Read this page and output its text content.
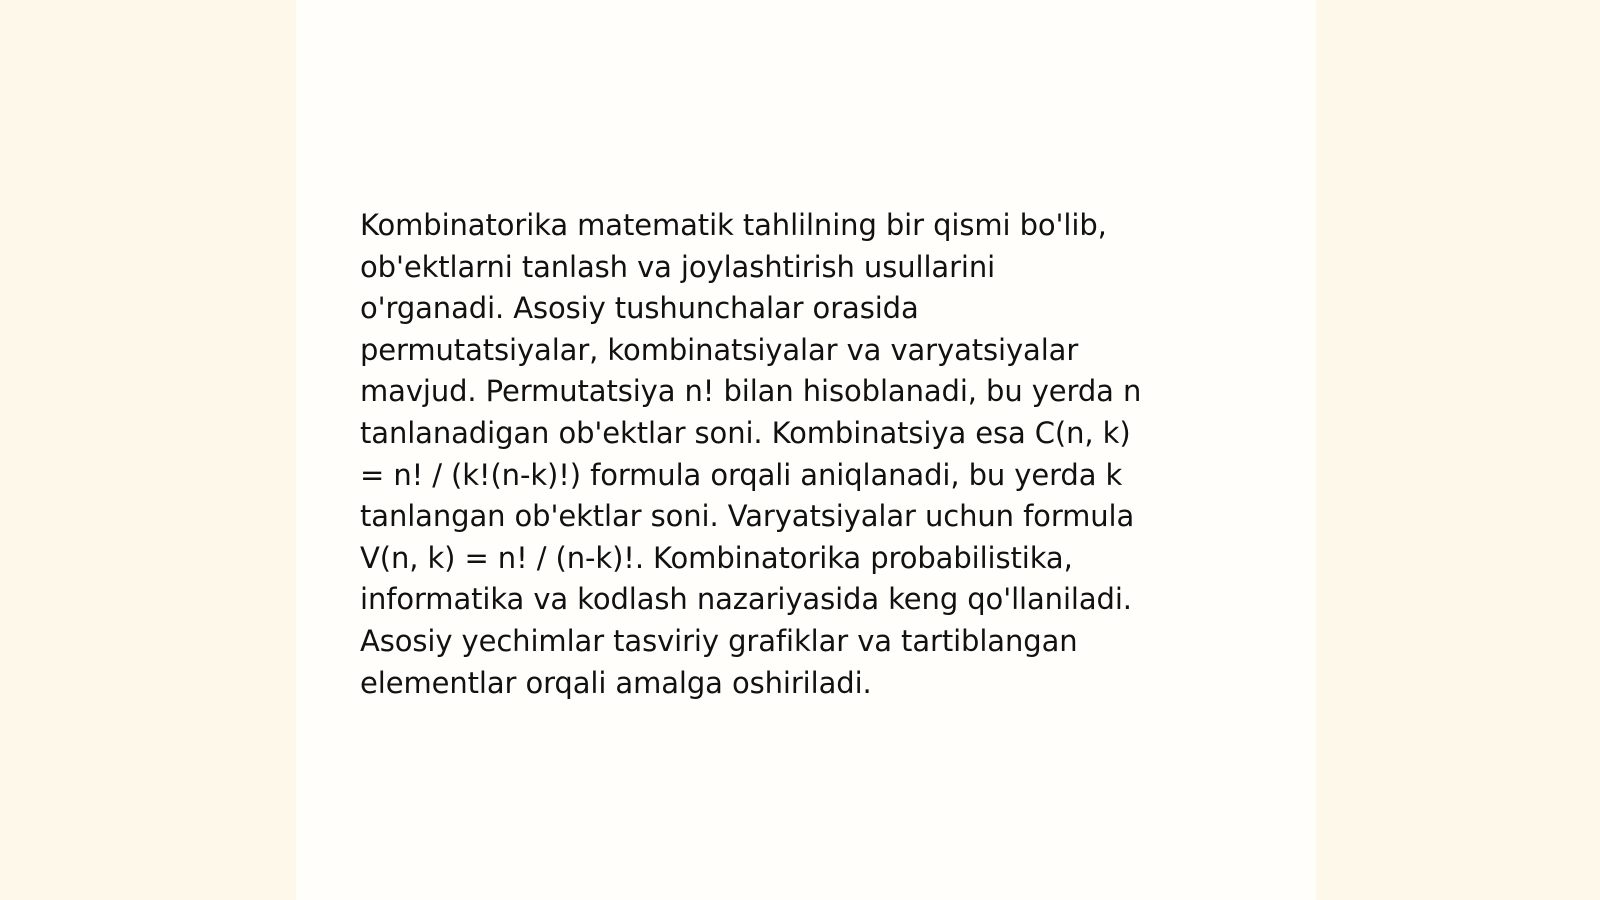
Kombinatorika matematik tahlilning bir qismi bo'lib,
ob'ektlarni tanlash va joylashtirish usullarini
o'rganadi. Asosiy tushunchalar orasida
permutatsiyalar, kombinatsiyalar va varyatsiyalar
mavjud. Permutatsiya n! bilan hisoblanadi, bu yerda n
tanlanadigan ob'ektlar soni. Kombinatsiya esa C(n, k)
= n! / (k!(n-k)!) formula orqali aniqlanadi, bu yerda k
tanlangan ob'ektlar soni. Varyatsiyalar uchun formula
V(n, k) = n! / (n-k)!. Kombinatorika probabilistika,
informatika va kodlash nazariyasida keng qo'llaniladi.
Asosiy yechimlar tasviriy grafiklar va tartiblangan
elementlar orqali amalga oshiriladi.
